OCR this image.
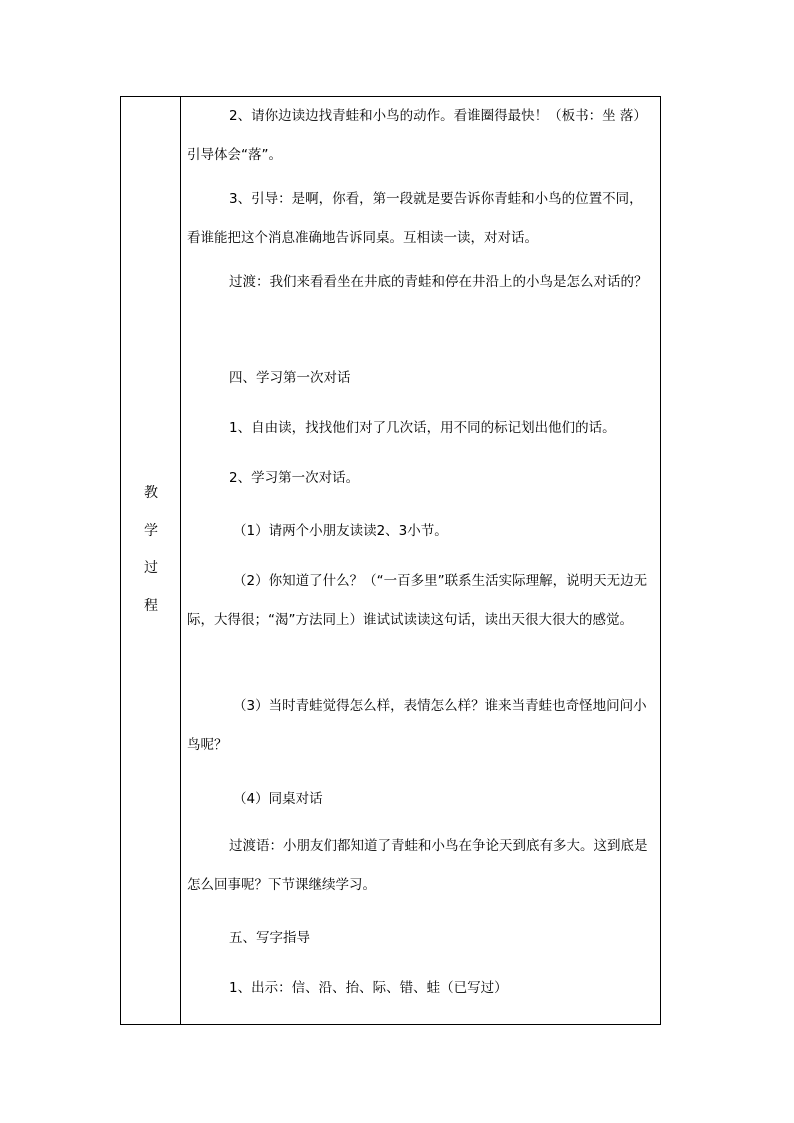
教
学
过
程

2、请你边读边找青蛙和小鸟的动作。看谁圈得最快！（板书：坐 落）引导体会“落”。

3、引导：是啊，你看，第一段就是要告诉你青蛙和小鸟的位置不同，看谁能把这个消息准确地告诉同桌。互相读一读，对对话。

过渡：我们来看看坐在井底的青蛙和停在井沿上的小鸟是怎么对话的？

四、学习第一次对话

1、自由读，找找他们对了几次话，用不同的标记划出他们的话。

2、学习第一次对话。

（1）请两个小朋友读读2、3小节。

（2）你知道了什么？（“一百多里”联系生活实际理解，说明天无边无际，大得很；“渴”方法同上）谁试试读读这句话，读出天很大很大的感觉。

（3）当时青蛙觉得怎么样，表情怎么样？谁来当青蛙也奇怪地问问小鸟呢？

（4）同桌对话

过渡语：小朋友们都知道了青蛙和小鸟在争论天到底有多大。这到底是怎么回事呢？下节课继续学习。

五、写字指导

1、出示：信、沿、抬、际、错、蛙（已写过）
